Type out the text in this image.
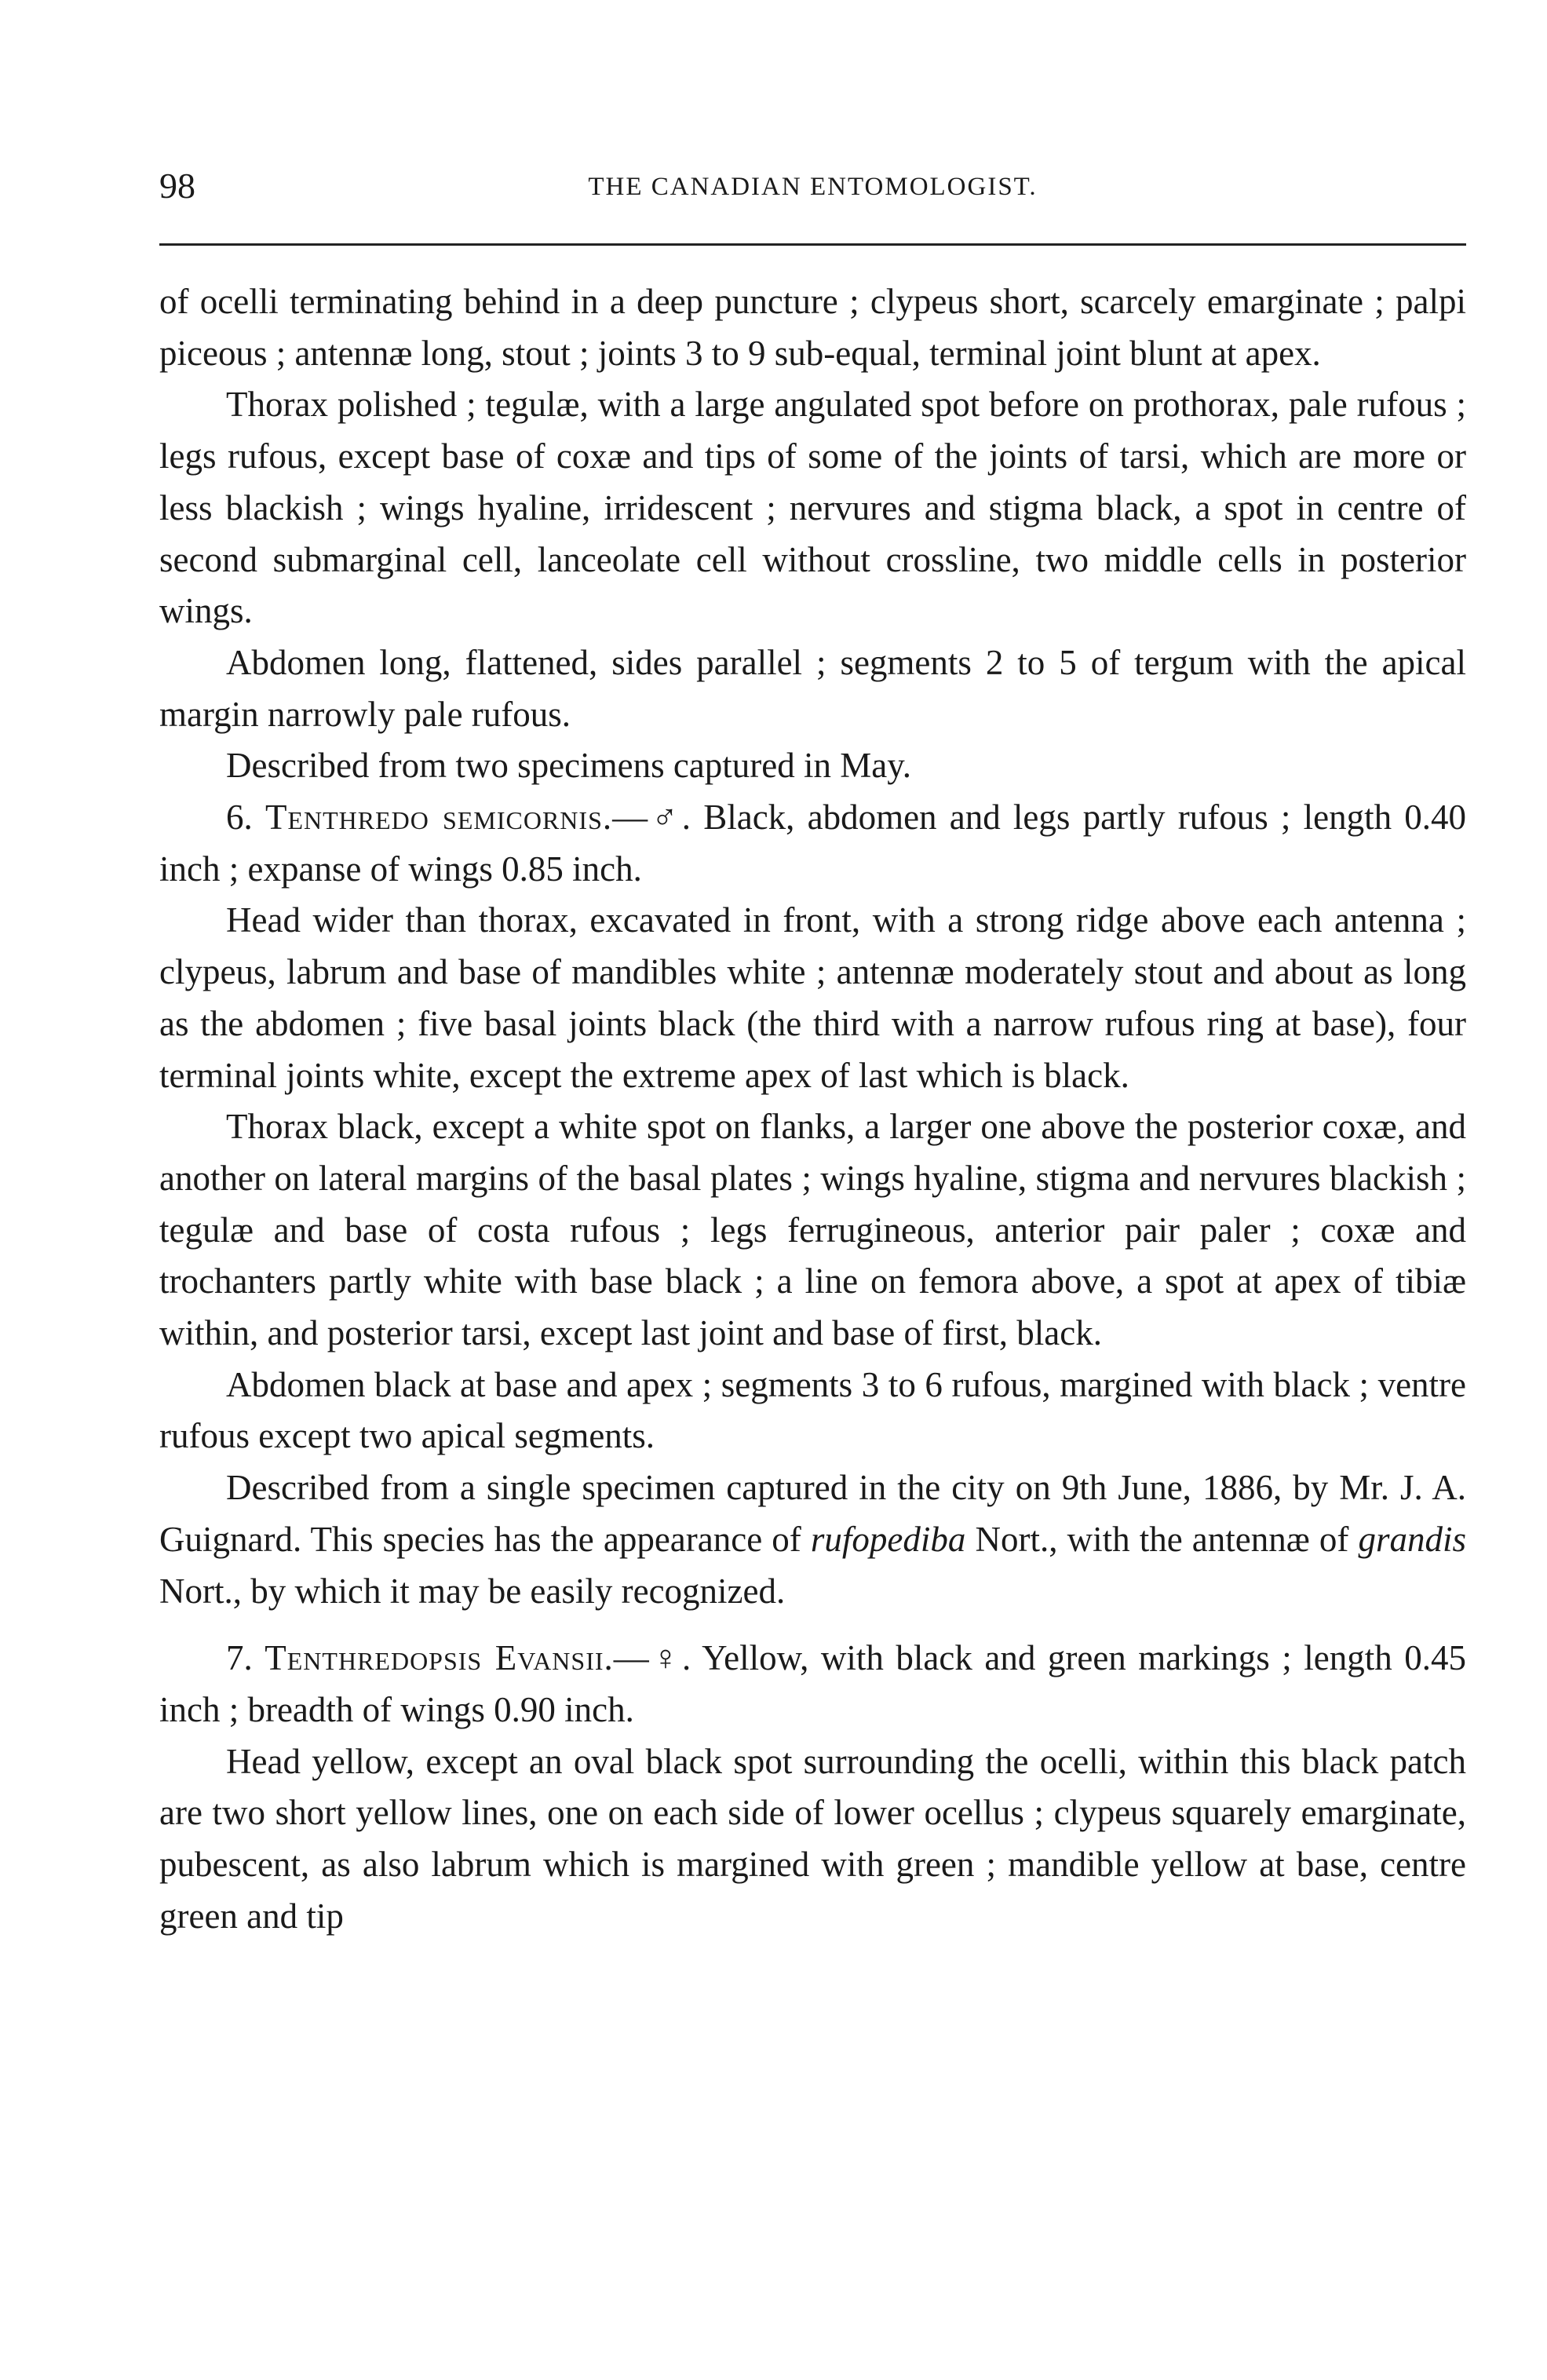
98	THE CANADIAN ENTOMOLOGIST.

of ocelli terminating behind in a deep puncture ; clypeus short, scarcely emarginate ; palpi piceous ; antennæ long, stout ; joints 3 to 9 sub-equal, terminal joint blunt at apex.

Thorax polished ; tegulæ, with a large angulated spot before on prothorax, pale rufous ; legs rufous, except base of coxæ and tips of some of the joints of tarsi, which are more or less blackish ; wings hyaline, irridescent ; nervures and stigma black, a spot in centre of second submarginal cell, lanceolate cell without crossline, two middle cells in posterior wings.

Abdomen long, flattened, sides parallel ; segments 2 to 5 of tergum with the apical margin narrowly pale rufous.

Described from two specimens captured in May.

6. Tenthredo semicornis.—♂. Black, abdomen and legs partly rufous ; length 0.40 inch ; expanse of wings 0.85 inch.

Head wider than thorax, excavated in front, with a strong ridge above each antenna ; clypeus, labrum and base of mandibles white ; antennæ moderately stout and about as long as the abdomen ; five basal joints black (the third with a narrow rufous ring at base), four terminal joints white, except the extreme apex of last which is black.

Thorax black, except a white spot on flanks, a larger one above the posterior coxæ, and another on lateral margins of the basal plates ; wings hyaline, stigma and nervures blackish ; tegulæ and base of costa rufous ; legs ferrugineous, anterior pair paler ; coxæ and trochanters partly white with base black ; a line on femora above, a spot at apex of tibiæ within, and posterior tarsi, except last joint and base of first, black.

Abdomen black at base and apex ; segments 3 to 6 rufous, margined with black ; ventre rufous except two apical segments.

Described from a single specimen captured in the city on 9th June, 1886, by Mr. J. A. Guignard. This species has the appearance of rufopediba Nort., with the antennæ of grandis Nort., by which it may be easily recognized.

7. Tenthredopsis Evansii.—♀. Yellow, with black and green markings ; length 0.45 inch ; breadth of wings 0.90 inch.

Head yellow, except an oval black spot surrounding the ocelli, within this black patch are two short yellow lines, one on each side of lower ocellus ; clypeus squarely emarginate, pubescent, as also labrum which is margined with green ; mandible yellow at base, centre green and tip
